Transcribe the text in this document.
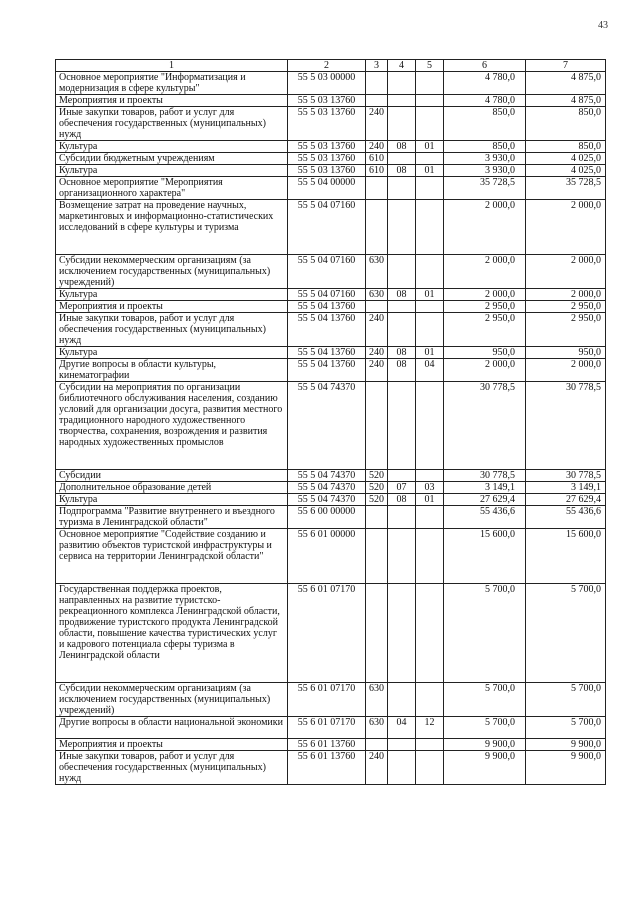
43
1	2	3	4	5	6	7
Основное мероприятие "Информатизация и модернизация в сфере культуры"	55 5 03 00000				4 780,0	4 875,0
Мероприятия и проекты	55 5 03 13760				4 780,0	4 875,0
Иные закупки товаров, работ и услуг для обеспечения государственных (муниципальных) нужд	55 5 03 13760	240			850,0	850,0
Культура	55 5 03 13760	240	08	01	850,0	850,0
Субсидии бюджетным учреждениям	55 5 03 13760	610			3 930,0	4 025,0
Культура	55 5 03 13760	610	08	01	3 930,0	4 025,0
Основное мероприятие "Мероприятия организационного характера"	55 5 04 00000				35 728,5	35 728,5
Возмещение затрат на проведение научных, маркетинговых и информационно-статистических исследований в сфере культуры и туризма	55 5 04 07160				2 000,0	2 000,0
Субсидии некоммерческим организациям (за исключением государственных (муниципальных) учреждений)	55 5 04 07160	630			2 000,0	2 000,0
Культура	55 5 04 07160	630	08	01	2 000,0	2 000,0
Мероприятия и проекты	55 5 04 13760				2 950,0	2 950,0
Иные закупки товаров, работ и услуг для обеспечения государственных (муниципальных) нужд	55 5 04 13760	240			2 950,0	2 950,0
Культура	55 5 04 13760	240	08	01	950,0	950,0
Другие вопросы в области культуры, кинематографии	55 5 04 13760	240	08	04	2 000,0	2 000,0
Субсидии на мероприятия по организации библиотечного обслуживания населения, созданию условий для организации досуга, развития местного традиционного народного художественного творчества, сохранения, возрождения и развития народных художественных промыслов	55 5 04 74370				30 778,5	30 778,5
Субсидии	55 5 04 74370	520			30 778,5	30 778,5
Дополнительное образование детей	55 5 04 74370	520	07	03	3 149,1	3 149,1
Культура	55 5 04 74370	520	08	01	27 629,4	27 629,4
Подпрограмма "Развитие внутреннего и въездного туризма в Ленинградской области"	55 6 00 00000				55 436,6	55 436,6
Основное мероприятие "Содействие созданию и развитию объектов туристской инфраструктуры и сервиса на территории Ленинградской области"	55 6 01 00000				15 600,0	15 600,0
Государственная поддержка проектов, направленных на развитие туристско-рекреационного комплекса Ленинградской области, продвижение туристского продукта Ленинградской области, повышение качества туристических услуг и кадрового потенциала сферы туризма в Ленинградской области	55 6 01 07170				5 700,0	5 700,0
Субсидии некоммерческим организациям (за исключением государственных (муниципальных) учреждений)	55 6 01 07170	630			5 700,0	5 700,0
Другие вопросы в области национальной экономики	55 6 01 07170	630	04	12	5 700,0	5 700,0
Мероприятия и проекты	55 6 01 13760				9 900,0	9 900,0
Иные закупки товаров, работ и услуг для обеспечения государственных (муниципальных) нужд	55 6 01 13760	240			9 900,0	9 900,0
